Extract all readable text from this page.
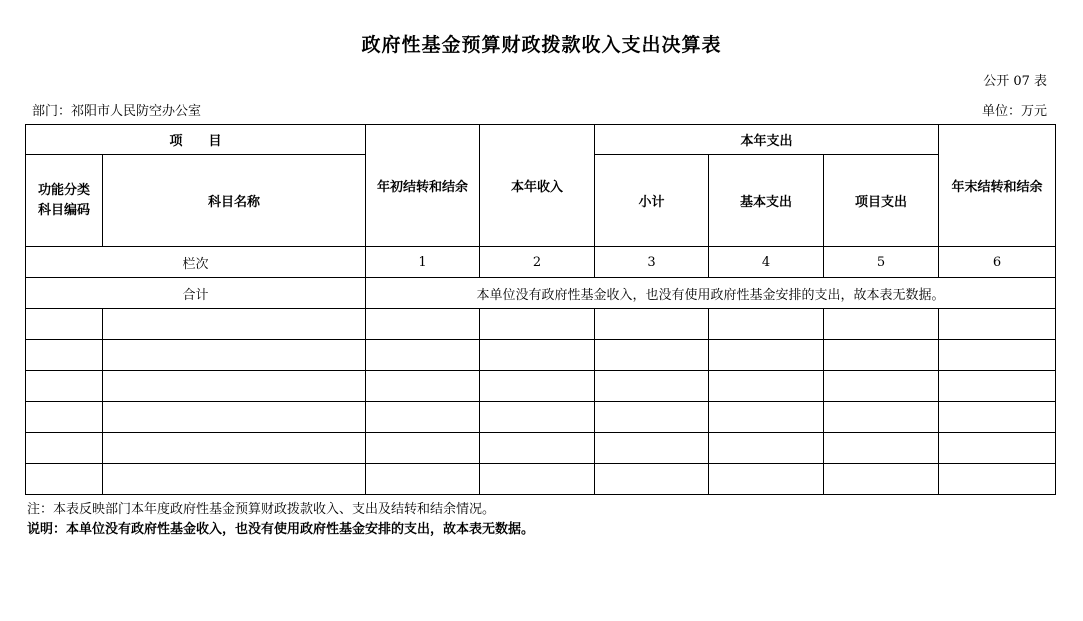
政府性基金预算财政拨款收入支出决算表
公开 07 表
部门：祁阳市人民防空办公室	单位：万元
项　　目		年初结转和结余	本年收入	本年支出			年末结转和结余
功能分类科目编码	科目名称			小计	基本支出	项目支出	
栏次		1	2	3	4	5	6
合计		本单位没有政府性基金收入，也没有使用政府性基金安排的支出，故本表无数据。					

注：本表反映部门本年度政府性基金预算财政拨款收入、支出及结转和结余情况。
说明：本单位没有政府性基金收入，也没有使用政府性基金安排的支出，故本表无数据。
